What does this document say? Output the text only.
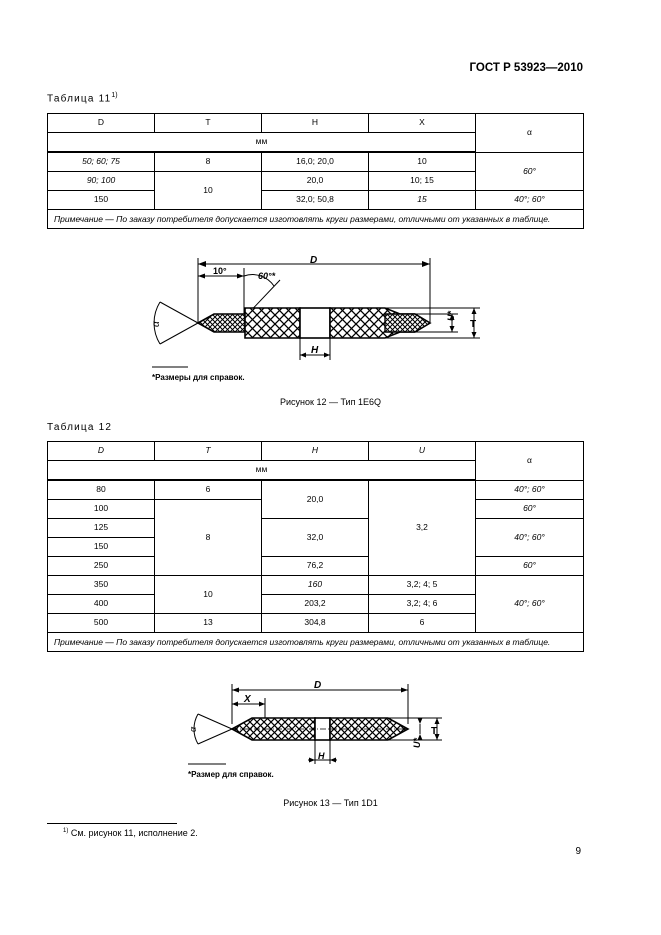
ГОСТ Р 53923—2010
Таблица 11$^{1)}$
D	T	H	X	α
мм				
50; 60; 75	8	16,0; 20,0	10	60°
90; 100	10	20,0	10; 15	
150		32,0; 50,8	15	40°; 60°
Примечание — По заказу потребителя допускается изготовлять круги размерами, отличными от указанных в таблице.				
D
10°	60°*
α
H
U*
T
*Размеры для справок.
Рисунок 12 — Тип 1E6Q
Таблица 12
D	T	H	U	α
мм				
80	6	20,0	3,2	40°; 60°
100	8			60°
125		32,0		40°; 60°
150				
250		76,2		60°
350	10	160	3,2; 4; 5	40°; 60°
400		203,2	3,2; 4; 6	
500	13	304,8	6	
Примечание — По заказу потребителя допускается изготовлять круги размерами, отличными от указанных в таблице.				
D
X
α
H
T
U*
*Размер для справок.
Рисунок 13 — Тип 1D1
$^{1)}$ См. рисунок 11, исполнение 2.
9
